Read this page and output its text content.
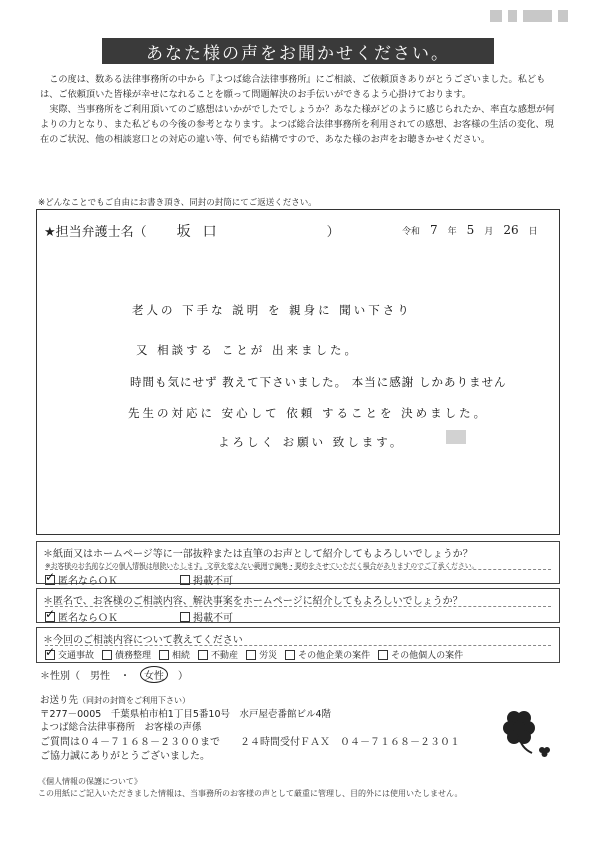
あなた様の声をお聞かせください。

この度は、数ある法律事務所の中から『よつば総合法律事務所』にご相談、ご依頼頂きありがとうございました。私どもは、ご依頼頂いた皆様が幸せになれることを願って問題解決のお手伝いができるよう心掛けております。

実際、当事務所をご利用頂いてのご感想はいかがでしたでしょうか？あなた様がどのように感じられたか、率直な感想が何よりの力となり、また私どもの今後の参考となります。よつば総合法律事務所を利用されての感想、お客様の生活の変化、現在のご状況、他の相談窓口との対応の違い等、何でも結構ですので、あなた様のお声をお聴きかせください。

※どんなことでもご自由にお書き頂き、同封の封筒にてご返送ください。
★担当弁護士名（ 坂口	）	令和 7	年 5	月 26	日
老人の 下手な 説明 を 親身に 聞い下さり
又 相談する ことが 出来ました。
時間も気にせず 教えて下さいました。 本当に感謝 しかありません
先生の対応に 安心して 依頼 することを 決めました。
よろしく お願い 致します。
＊紙面又はホームページ等に一部抜粋または直筆のお声として紹介してもよろしいでしょうか？
※お客様のお名前などの個人情報は削除いたします。文章を変えない範囲で編集・要約をさせていただく場合がありますのでご了承ください。
✓
匿名ならＯＫ	掲載不可
＊匿名で、お客様のご相談内容、解決事案をホームページに紹介してもよろしいでしょうか？
✓
匿名ならＯＫ	掲載不可
＊今回のご相談内容について教えてください
✓
交通事故 債務整理 相続 不動産 労災 その他企業の案件 その他個人の案件
＊性別（ 男性 ・	女性	）
お送り先（同封の封筒をご利用下さい）
〒277－0005　千葉県柏市柏1丁目5番10号　水戸屋壱番館ビル4階
よつば総合法律事務所　お客様の声係
ご質問は０４－７１６８－２３００まで　　２４時間受付ＦＡＸ　０４－７１６８－２３０１
ご協力誠にありがとうございました。
《個人情報の保護について》
この用紙にご記入いただきました情報は、当事務所のお客様の声として厳重に管理し、目的外には使用いたしません。
